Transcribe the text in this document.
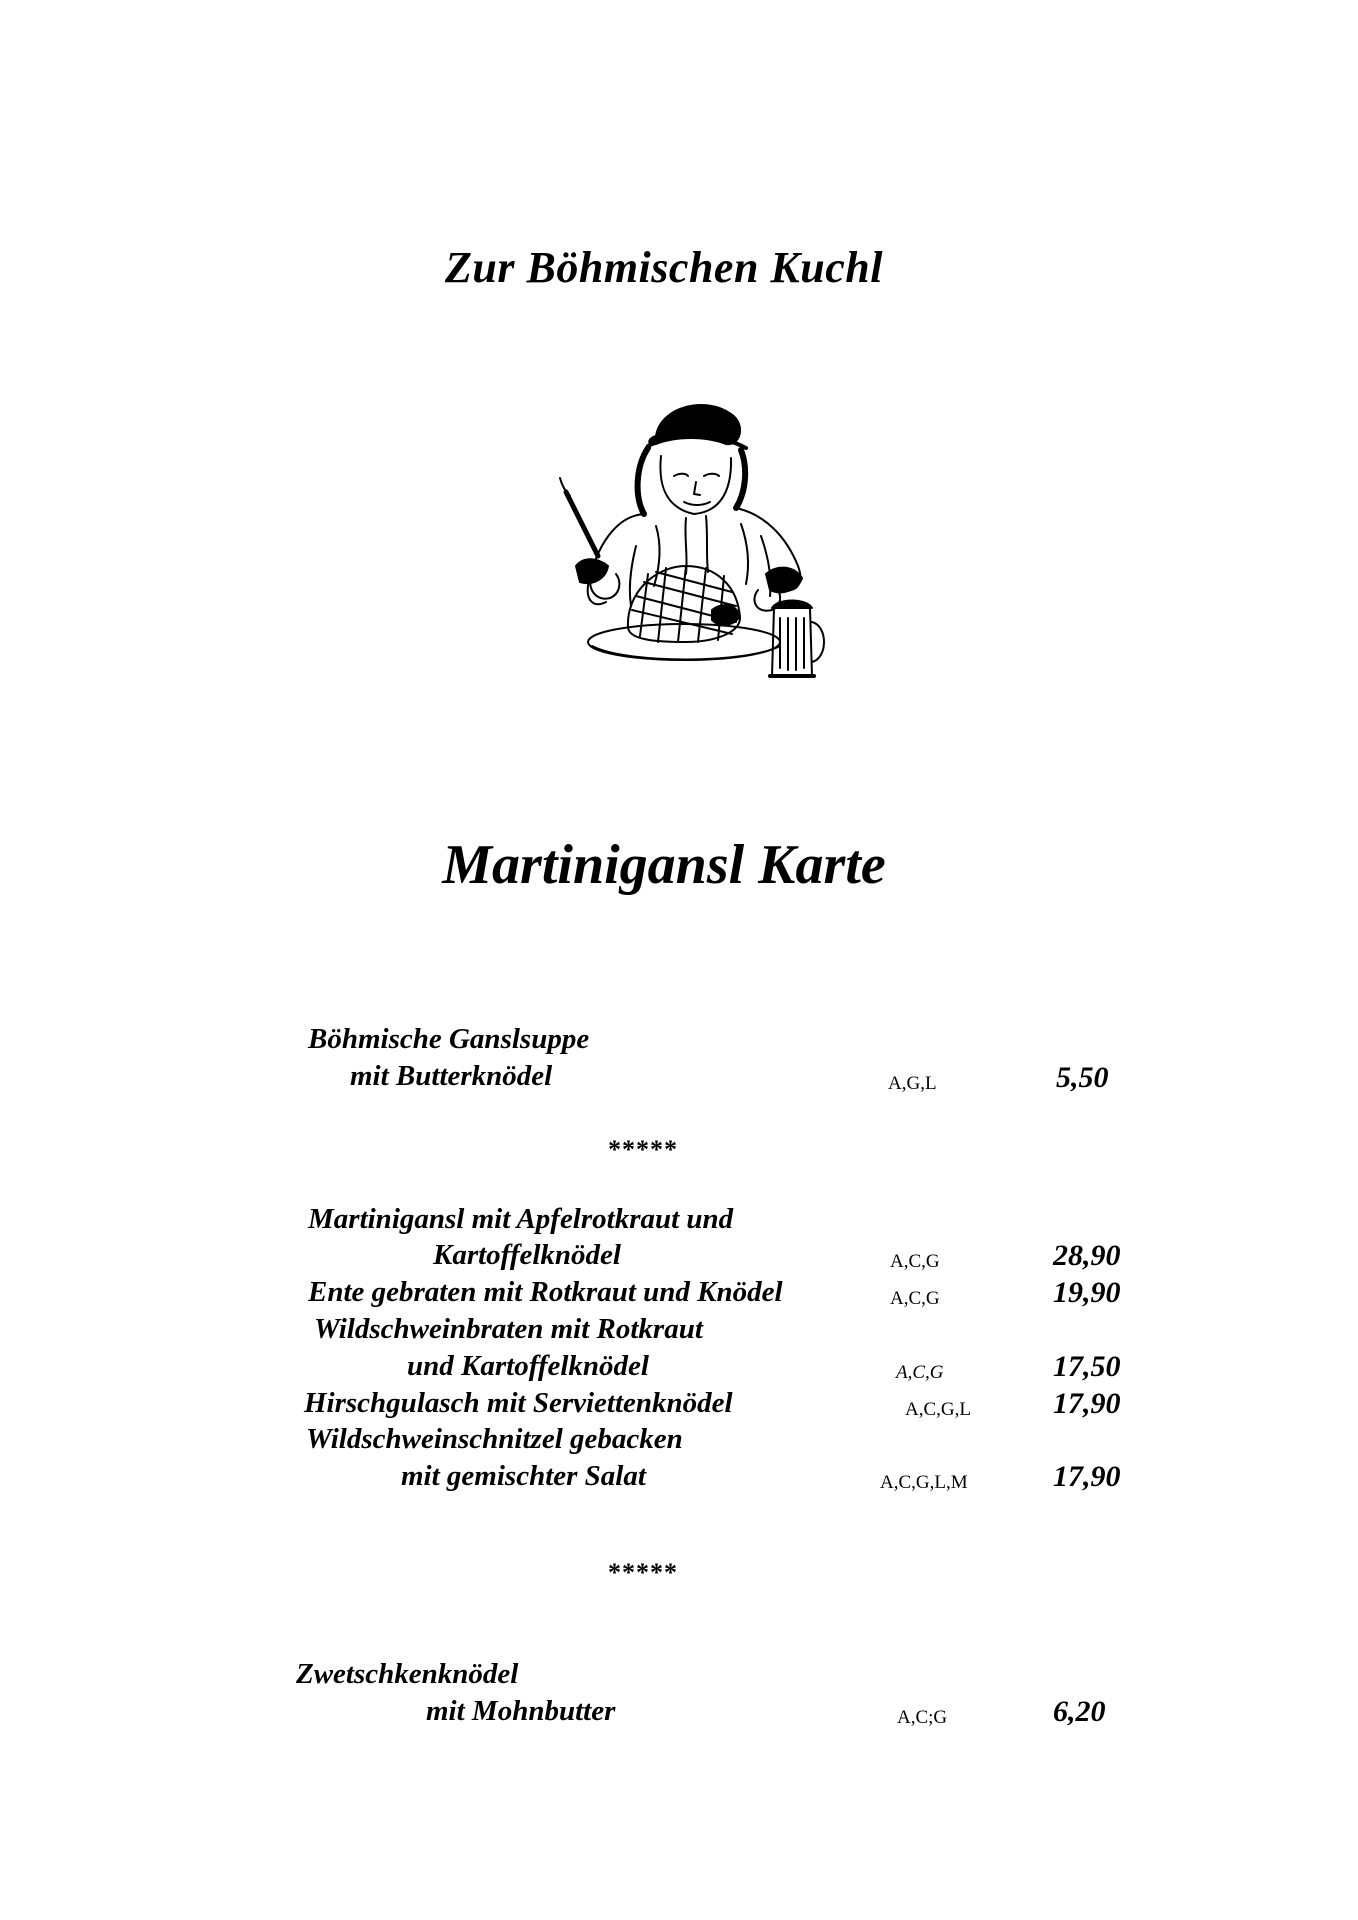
Zur Böhmischen Kuchl
Martinigansl Karte
Böhmische Ganslsuppe
mit Butterknödel	A,G,L	5,50
*****
Martinigansl mit Apfelrotkraut und
Kartoffelknödel	A,C,G	28,90
Ente gebraten mit Rotkraut und Knödel	A,C,G	19,90
Wildschweinbraten mit Rotkraut
und Kartoffelknödel	A,C,G	17,50
Hirschgulasch mit Serviettenknödel	A,C,G,L	17,90
Wildschweinschnitzel gebacken
mit gemischter Salat	A,C,G,L,M	17,90
*****
Zwetschkenknödel
mit Mohnbutter	A,C;G	6,20
